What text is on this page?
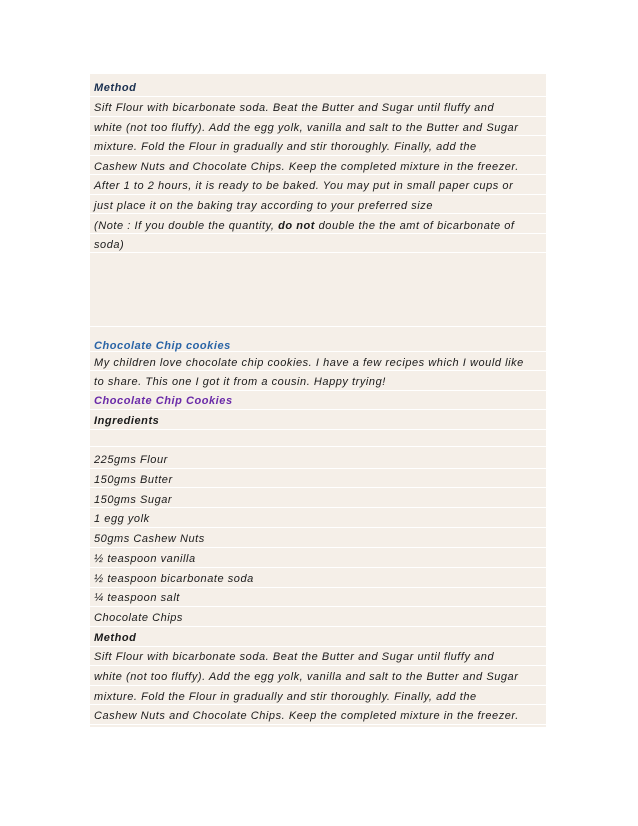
Method
Sift Flour with bicarbonate soda. Beat the Butter and Sugar until fluffy and
white (not too fluffy). Add the egg yolk, vanilla and salt to the Butter and Sugar
mixture. Fold the Flour in gradually and stir thoroughly. Finally, add the
Cashew Nuts and Chocolate Chips. Keep the completed mixture in the freezer.
After 1 to 2 hours, it is ready to be baked. You may put in small paper cups or
just place it on the baking tray according to your preferred size
(Note : If you double the quantity, do not double the the amt of bicarbonate of
soda)
Chocolate Chip cookies
My children love chocolate chip cookies. I have a few recipes which I would like
to share. This one I got it from a cousin. Happy trying!
Chocolate Chip Cookies
Ingredients
225gms Flour
150gms Butter
150gms Sugar
1 egg yolk
50gms Cashew Nuts
½ teaspoon vanilla
½ teaspoon bicarbonate soda
¼ teaspoon salt
Chocolate Chips
Method
Sift Flour with bicarbonate soda. Beat the Butter and Sugar until fluffy and
white (not too fluffy). Add the egg yolk, vanilla and salt to the Butter and Sugar
mixture. Fold the Flour in gradually and stir thoroughly. Finally, add the
Cashew Nuts and Chocolate Chips. Keep the completed mixture in the freezer.
